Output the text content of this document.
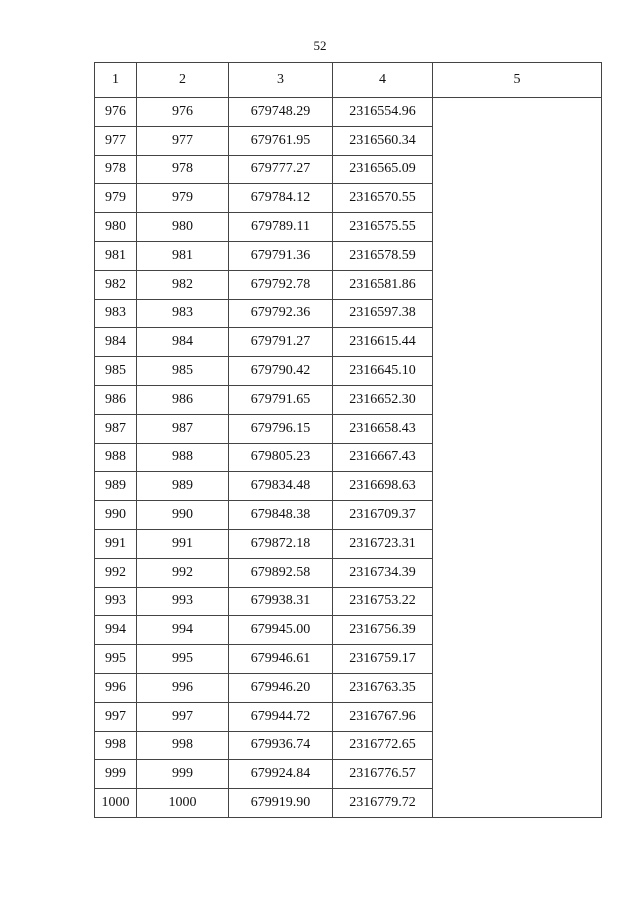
52
1	2	3	4	5
976	976	679748.29	2316554.96	
977	977	679761.95	2316560.34	
978	978	679777.27	2316565.09	
979	979	679784.12	2316570.55	
980	980	679789.11	2316575.55	
981	981	679791.36	2316578.59	
982	982	679792.78	2316581.86	
983	983	679792.36	2316597.38	
984	984	679791.27	2316615.44	
985	985	679790.42	2316645.10	
986	986	679791.65	2316652.30	
987	987	679796.15	2316658.43	
988	988	679805.23	2316667.43	
989	989	679834.48	2316698.63	
990	990	679848.38	2316709.37	
991	991	679872.18	2316723.31	
992	992	679892.58	2316734.39	
993	993	679938.31	2316753.22	
994	994	679945.00	2316756.39	
995	995	679946.61	2316759.17	
996	996	679946.20	2316763.35	
997	997	679944.72	2316767.96	
998	998	679936.74	2316772.65	
999	999	679924.84	2316776.57	
1000	1000	679919.90	2316779.72	
